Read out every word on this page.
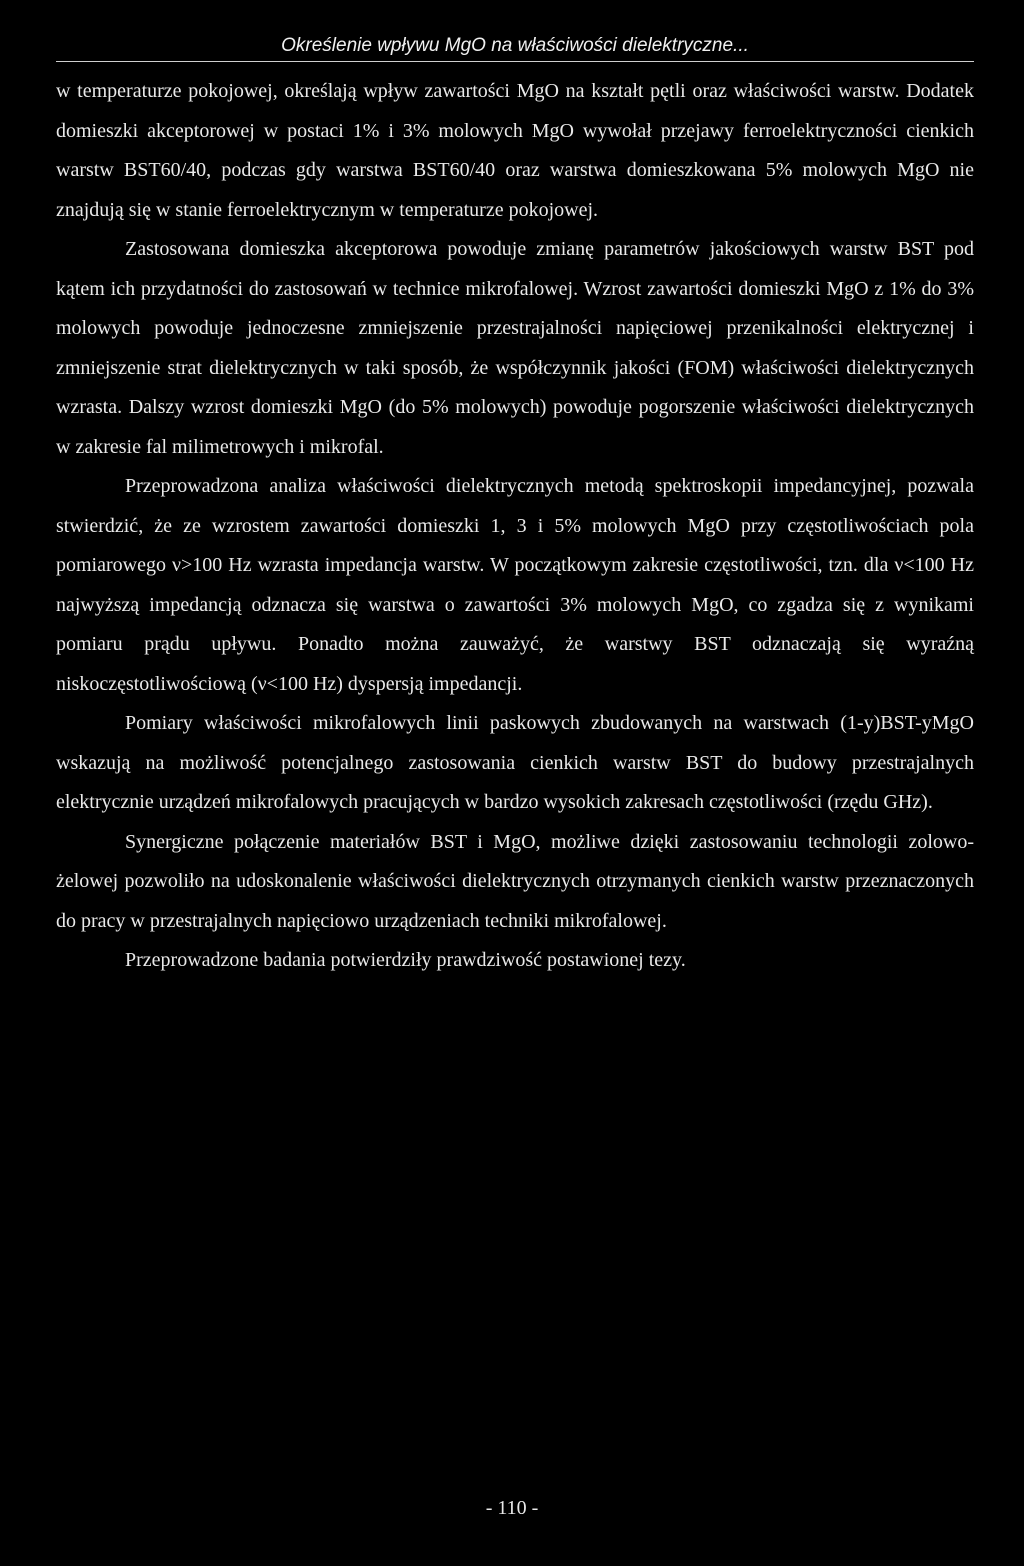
Określenie wpływu MgO na właściwości dielektryczne...

w temperaturze pokojowej, określają wpływ zawartości MgO na kształt pętli oraz właściwości warstw. Dodatek domieszki akceptorowej w postaci 1% i 3% molowych MgO wywołał przejawy ferroelektryczności cienkich warstw BST60/40, podczas gdy warstwa BST60/40 oraz warstwa domieszkowana 5% molowych MgO nie znajdują się w stanie ferroelektrycznym w temperaturze pokojowej.

Zastosowana domieszka akceptorowa powoduje zmianę parametrów jakościowych warstw BST pod kątem ich przydatności do zastosowań w technice mikrofalowej. Wzrost zawartości domieszki MgO z 1% do 3% molowych powoduje jednoczesne zmniejszenie przestrajalności napięciowej przenikalności elektrycznej i zmniejszenie strat dielektrycznych w taki sposób, że współczynnik jakości (FOM) właściwości dielektrycznych wzrasta. Dalszy wzrost domieszki MgO (do 5% molowych) powoduje pogorszenie właściwości dielektrycznych w zakresie fal milimetrowych i mikrofal.

Przeprowadzona analiza właściwości dielektrycznych metodą spektroskopii impedancyjnej, pozwala stwierdzić, że ze wzrostem zawartości domieszki 1, 3 i 5% molowych MgO przy częstotliwościach pola pomiarowego ν>100 Hz wzrasta impedancja warstw. W początkowym zakresie częstotliwości, tzn. dla ν<100 Hz najwyższą impedancją odznacza się warstwa o zawartości 3% molowych MgO, co zgadza się z wynikami pomiaru prądu upływu. Ponadto można zauważyć, że warstwy BST odznaczają się wyraźną niskoczęstotliwościową (ν<100 Hz) dyspersją impedancji.

Pomiary właściwości mikrofalowych linii paskowych zbudowanych na warstwach (1-y)BST-yMgO wskazują na możliwość potencjalnego zastosowania cienkich warstw BST do budowy przestrajalnych elektrycznie urządzeń mikrofalowych pracujących w bardzo wysokich zakresach częstotliwości (rzędu GHz).

Synergiczne połączenie materiałów BST i MgO, możliwe dzięki zastosowaniu technologii zolowo-żelowej pozwoliło na udoskonalenie właściwości dielektrycznych otrzymanych cienkich warstw przeznaczonych do pracy w przestrajalnych napięciowo urządzeniach techniki mikrofalowej.

Przeprowadzone badania potwierdziły prawdziwość postawionej tezy.

- 110 -
